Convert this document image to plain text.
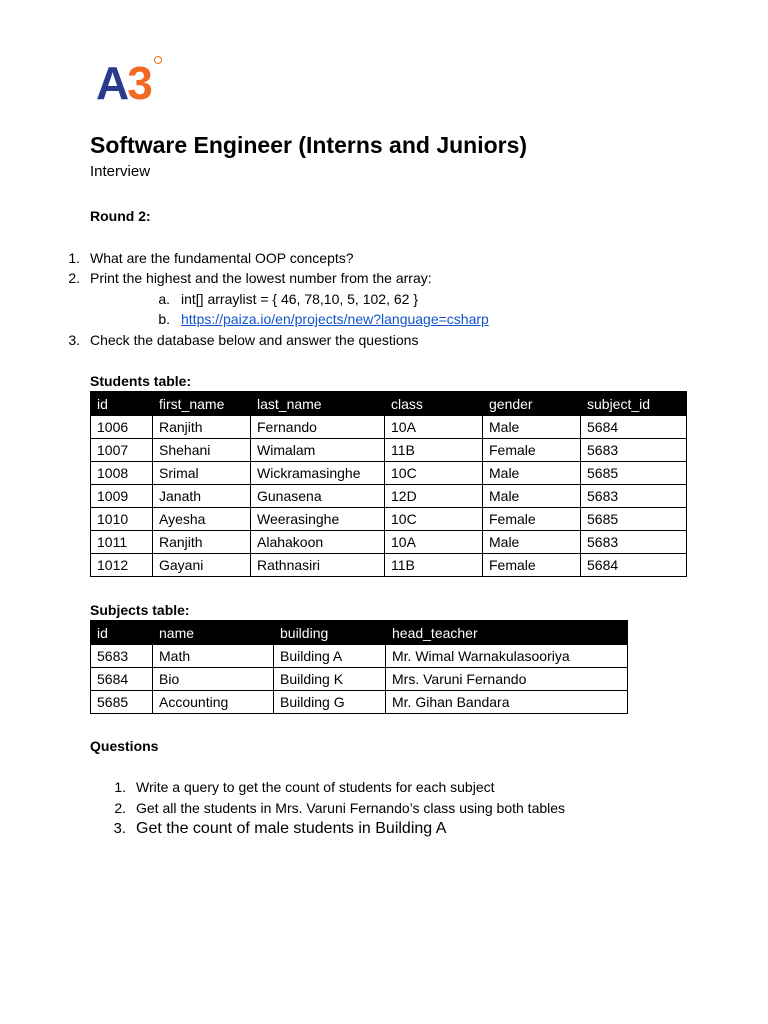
A3
Software Engineer (Interns and Juniors)
Interview
Round 2:
1. What are the fundamental OOP concepts?
2. Print the highest and the lowest number from the array:
a. int[] arraylist = { 46, 78,10, 5, 102, 62 }
b. https://paiza.io/en/projects/new?language=csharp
3. Check the database below and answer the questions
Students table:
id	first_name	last_name	class	gender	subject_id
1006	Ranjith	Fernando	10A	Male	5684
1007	Shehani	Wimalam	11B	Female	5683
1008	Srimal	Wickramasinghe	10C	Male	5685
1009	Janath	Gunasena	12D	Male	5683
1010	Ayesha	Weerasinghe	10C	Female	5685
1011	Ranjith	Alahakoon	10A	Male	5683
1012	Gayani	Rathnasiri	11B	Female	5684
Subjects table:
id	name	building	head_teacher
5683	Math	Building A	Mr. Wimal Warnakulasooriya
5684	Bio	Building K	Mrs. Varuni Fernando
5685	Accounting	Building G	Mr. Gihan Bandara
Questions
1. Write a query to get the count of students for each subject
2. Get all the students in Mrs. Varuni Fernando’s class using both tables
3. Get the count of male students in Building A
